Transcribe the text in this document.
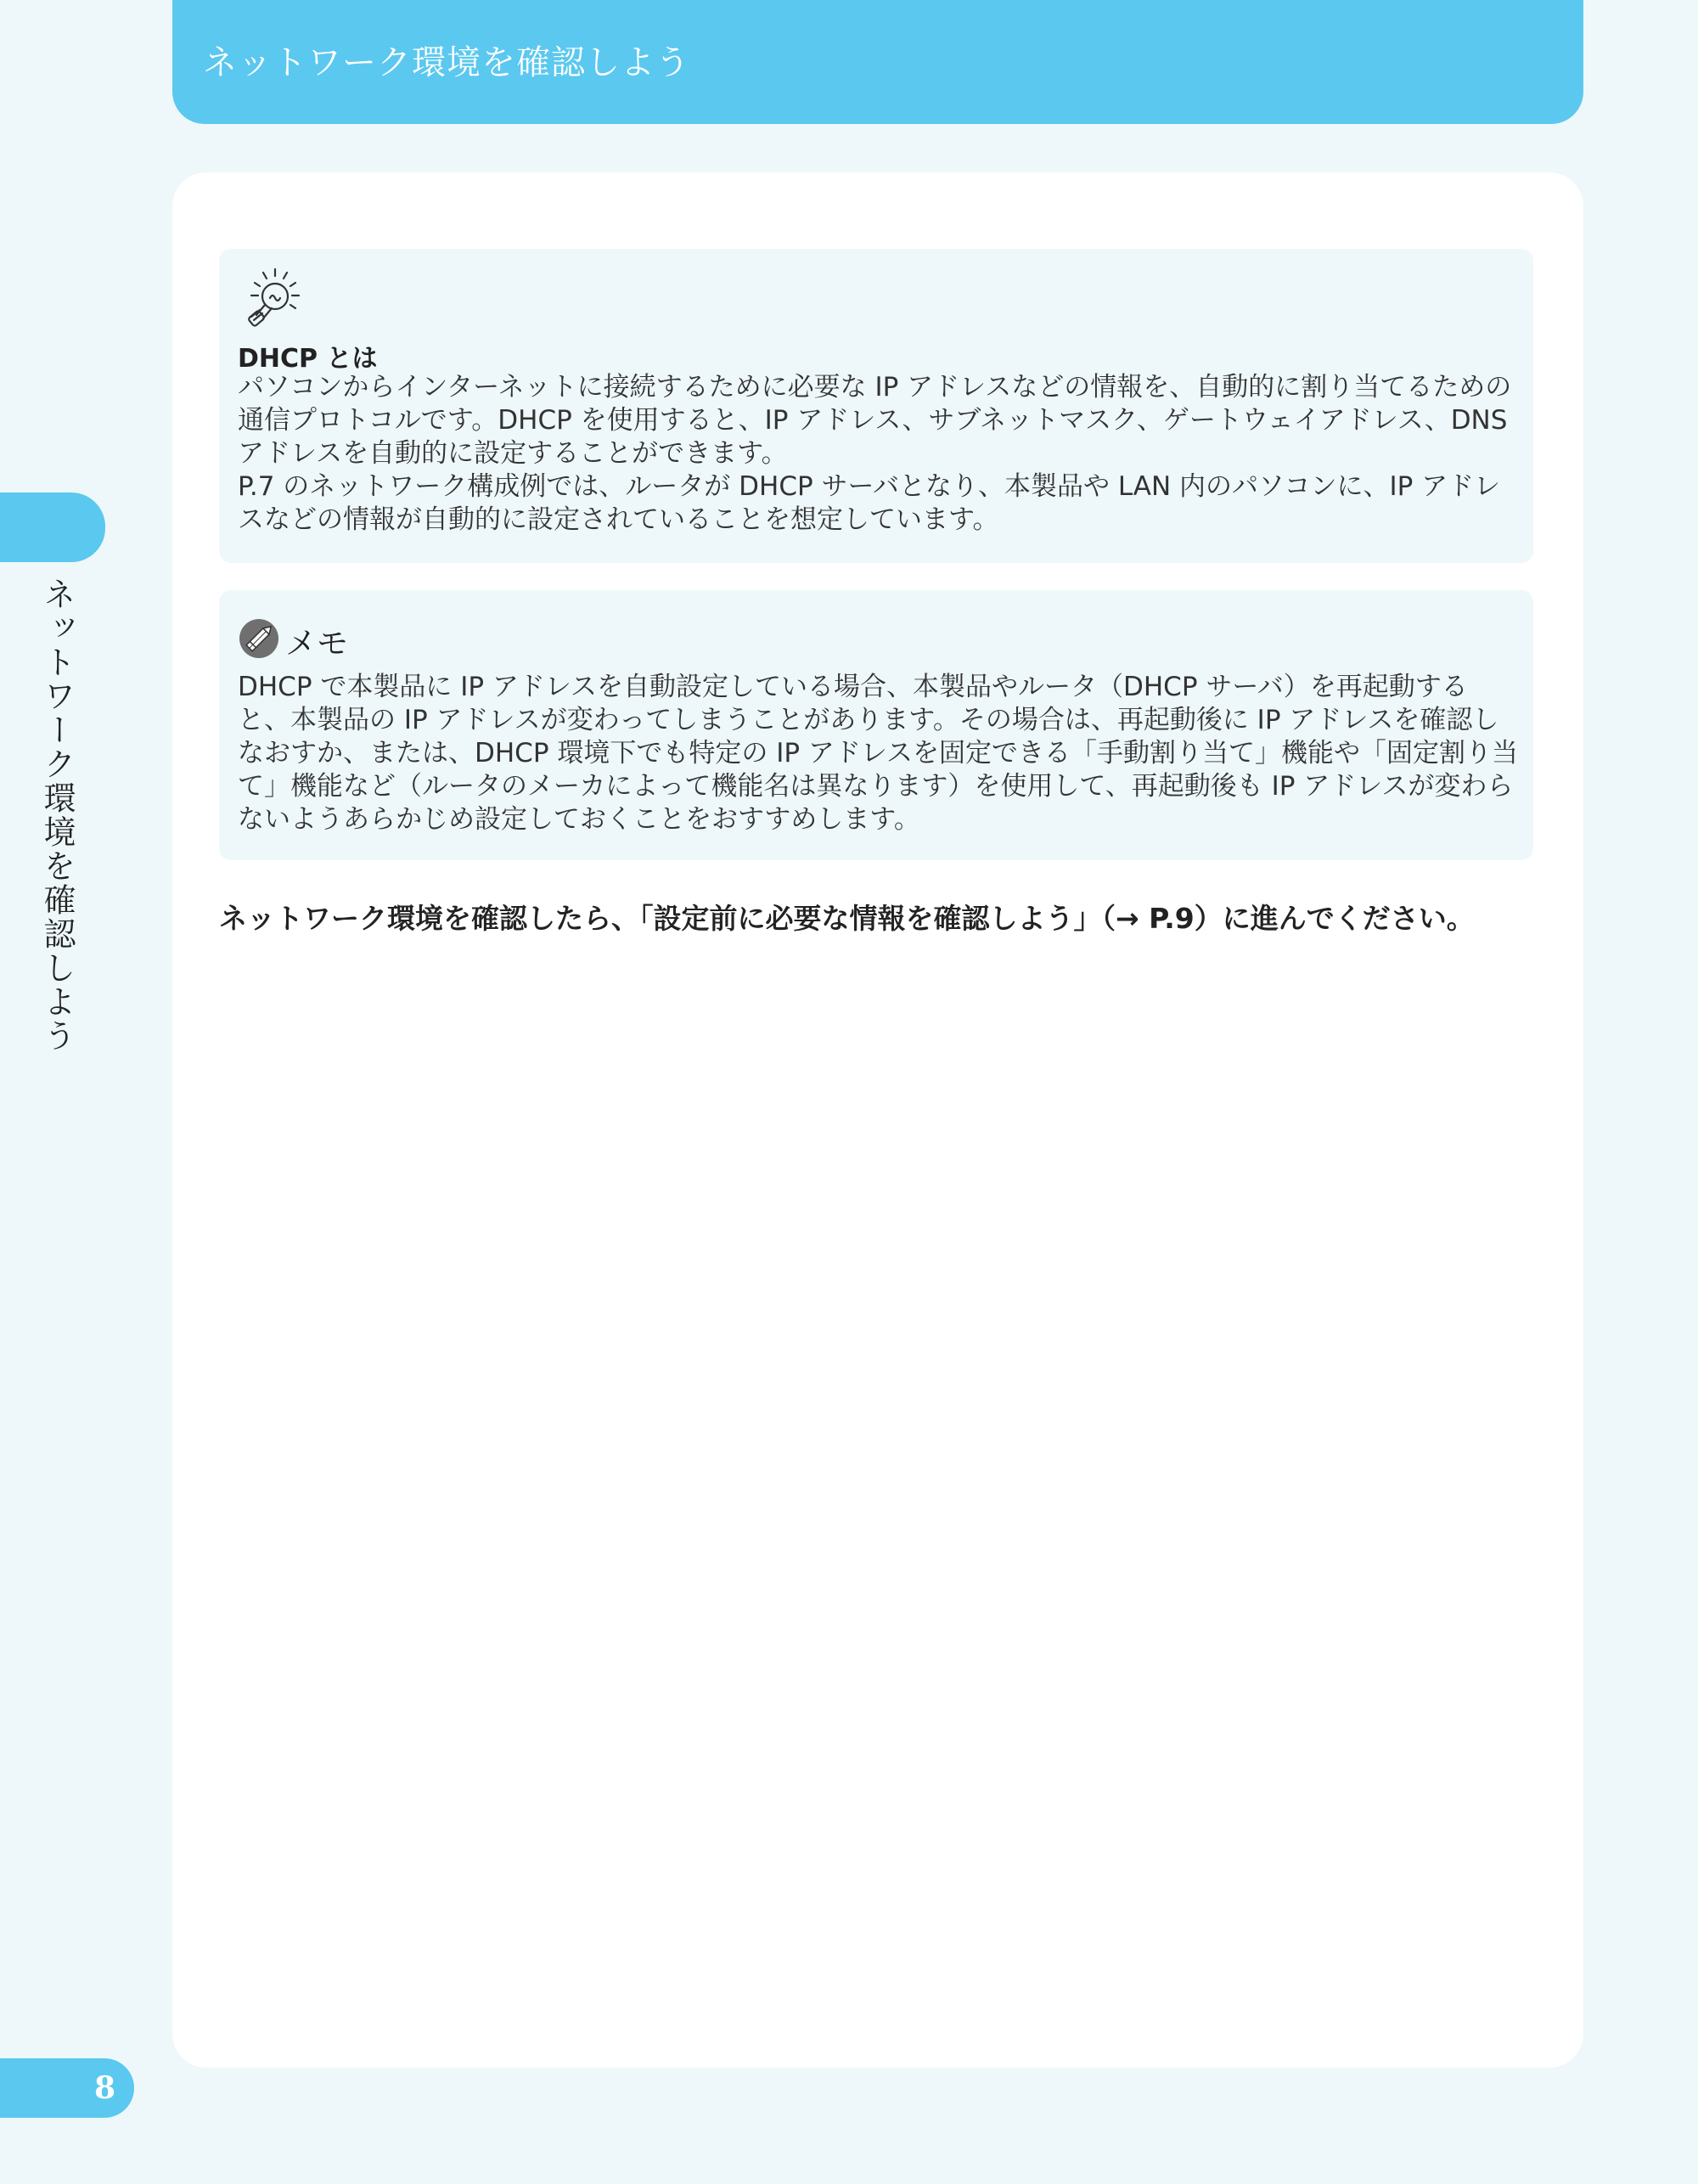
ネットワーク環境を確認しよう
ネットワーク環境を確認しよう
DHCP とは
パソコンからインターネットに接続するために必要な IP アドレスなどの情報を、自動的に割り当てるための通信プロトコルです。DHCP を使用すると、IP アドレス、サブネットマスク、ゲートウェイアドレス、DNS アドレスを自動的に設定することができます。
P.7 のネットワーク構成例では、ルータが DHCP サーバとなり、本製品や LAN 内のパソコンに、IP アドレスなどの情報が自動的に設定されていることを想定しています。
メモ
DHCP で本製品に IP アドレスを自動設定している場合、本製品やルータ（DHCP サーバ）を再起動すると、本製品の IP アドレスが変わってしまうことがあります。その場合は、再起動後に IP アドレスを確認しなおすか、または、DHCP 環境下でも特定の IP アドレスを固定できる「手動割り当て」機能や「固定割り当て」機能など（ルータのメーカによって機能名は異なります）を使用して、再起動後も IP アドレスが変わらないようあらかじめ設定しておくことをおすすめします。
ネットワーク環境を確認したら、「設定前に必要な情報を確認しよう」（→ P.9）に進んでください。
8
